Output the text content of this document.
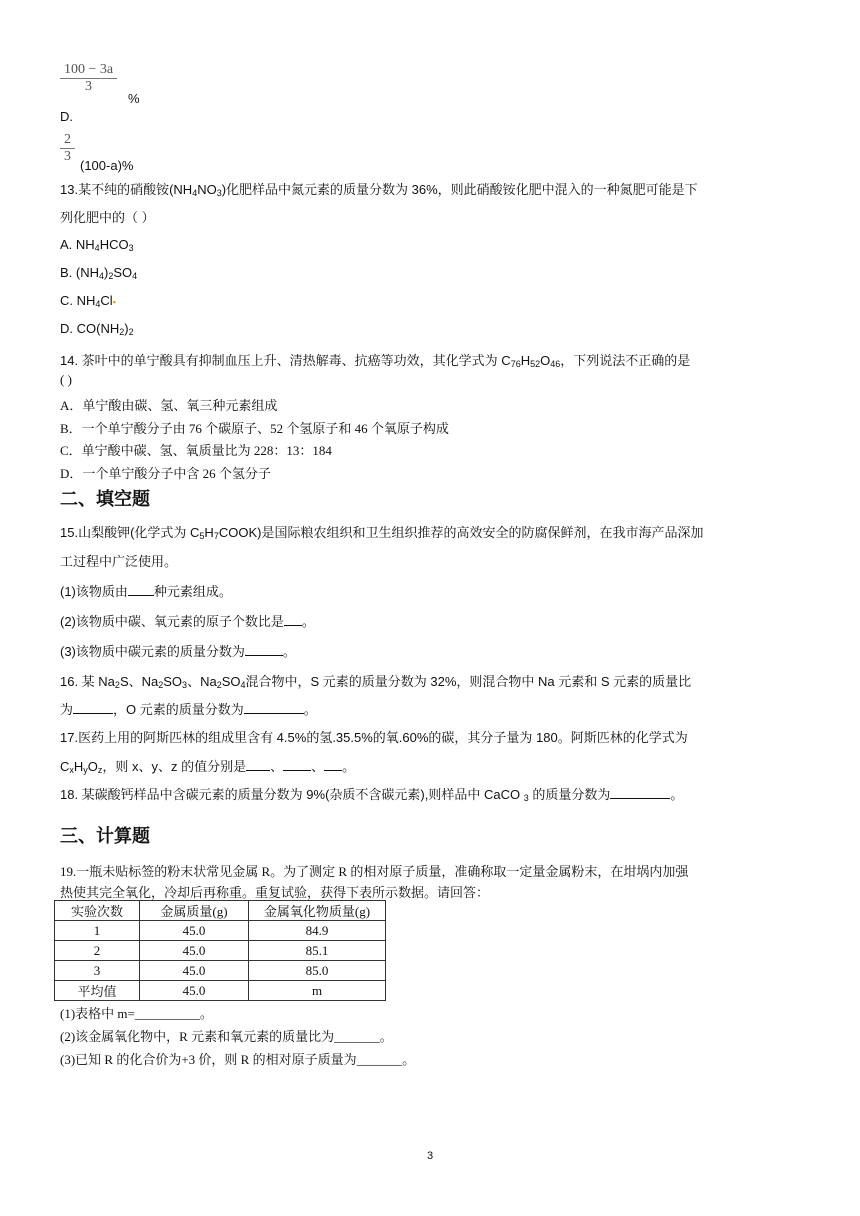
100 − 3a
3
%
D.
2
3
(100-a)%
13.某不纯的硝酸铵$(NH_4NO_3)$化肥样品中氮元素的质量分数为 36%，则此硝酸铵化肥中混入的一种氮肥可能是下
列化肥中的（ ）
A. $NH_4HCO_3$
B. $(NH_4)_2SO_4$
C. $NH_4Cl▪$
D. $CO(NH_2)_2$
14. 茶叶中的单宁酸具有抑制血压上升、清热解毒、抗癌等功效，其化学式为 $C_{76}H_{52}O_{46}$，下列说法不正确的是
( )
A．单宁酸由碳、氢、氧三种元素组成
B．一个单宁酸分子由 76 个碳原子、52 个氢原子和 46 个氧原子构成
C．单宁酸中碳、氢、氧质量比为 228：13：184
D．一个单宁酸分子中含 26 个氢分子
二、填空题
15.山梨酸钾(化学式为 $C_5H_7COOK$)是国际粮农组织和卫生组织推荐的高效安全的防腐保鲜剂，在我市海产品深加
工过程中广泛使用。
(1)该物质由 种元素组成。
(2)该物质中碳、氧元素的原子个数比是 。
(3)该物质中碳元素的质量分数为	。
16. 某 $Na_2S$、$Na_2SO_3$、$Na_2SO_4$混合物中，S 元素的质量分数为 32%，则混合物中 Na 元素和 S 元素的质量比
为	，O 元素的质量分数为	。
17.医药上用的阿斯匹林的组成里含有 4.5%的氢.35.5%的氧.60%的碳，其分子量为 180。阿斯匹林的化学式为
$C_xH_yO_z$，则 x、y、z 的值分别是 、 、 。
18. 某碳酸钙样品中含碳元素的质量分数为 9%(杂质不含碳元素),则样品中 CaCO $_3$ 的质量分数为	。
三、计算题
19.一瓶未贴标签的粉末状常见金属 R。为了测定 R 的相对原子质量，准确称取一定量金属粉末，在坩埚内加强
热使其完全氧化，冷却后再称重。重复试验，获得下表所示数据。请回答：
实验次数	金属质量(g)	金属氧化物质量(g)
1	45.0	84.9
2	45.0	85.1
3	45.0	85.0
平均值	45.0	m
(1)表格中 m=__________。
(2)该金属氧化物中，R 元素和氧元素的质量比为_______。
(3)已知 R 的化合价为+3 价，则 R 的相对原子质量为_______。
3
